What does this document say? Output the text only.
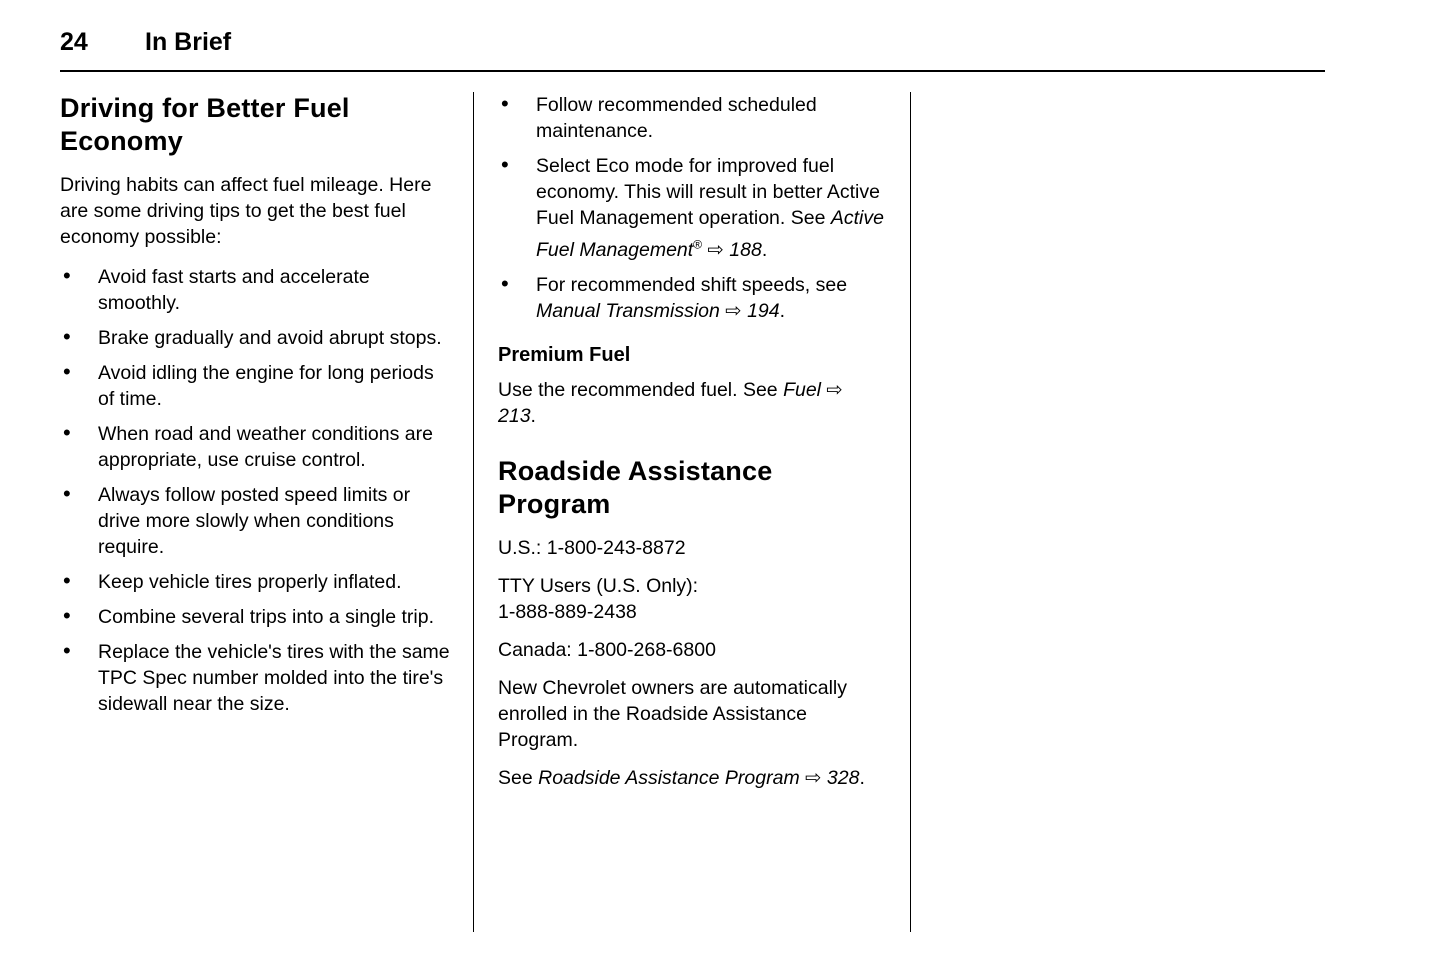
24	In Brief
Driving for Better Fuel Economy

Driving habits can affect fuel mileage. Here are some driving tips to get the best fuel economy possible:

• Avoid fast starts and accelerate smoothly.
• Brake gradually and avoid abrupt stops.
• Avoid idling the engine for long periods of time.
• When road and weather conditions are appropriate, use cruise control.
• Always follow posted speed limits or drive more slowly when conditions require.
• Keep vehicle tires properly inflated.
• Combine several trips into a single trip.
• Replace the vehicle's tires with the same TPC Spec number molded into the tire's sidewall near the size.
• Follow recommended scheduled maintenance.
• Select Eco mode for improved fuel economy. This will result in better Active Fuel Management operation. See Active Fuel Management® ⇨ 188.
• For recommended shift speeds, see Manual Transmission ⇨ 194.
Premium Fuel

Use the recommended fuel. See Fuel ⇨ 213.

Roadside Assistance Program

U.S.: 1-800-243-8872

TTY Users (U.S. Only):
1-888-889-2438

Canada: 1-800-268-6800

New Chevrolet owners are automatically enrolled in the Roadside Assistance Program.

See Roadside Assistance Program ⇨ 328.
